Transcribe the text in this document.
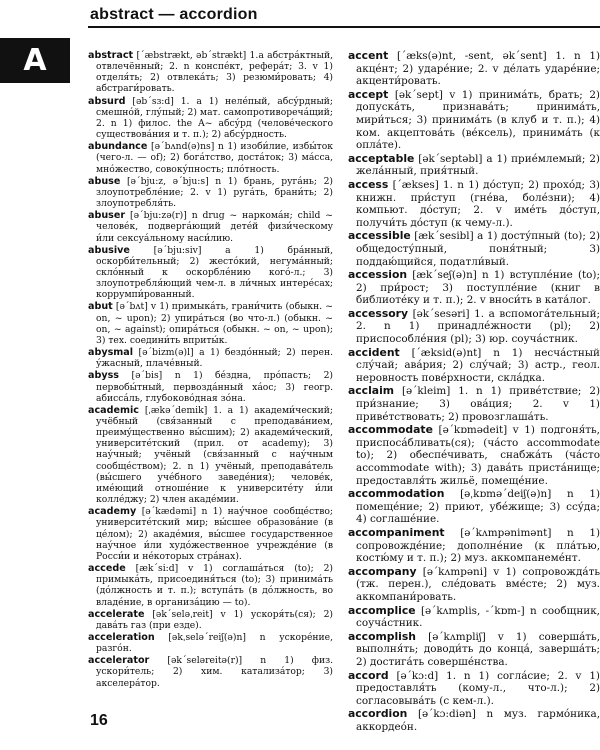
A
abstract — accordion

abstract [´æbstrækt, əb´strækt] 1.a абстрáктный, отвлечённый; 2. n конспéкт, реферáт; 3. v 1) отделя́ть; 2) отвлекáть; 3) резюми́ровать; 4) абстраги́ровать.

absurd [əb´sɜ:d] 1. a 1) нелéпый, абсу́рдный; смешнóй, глу́пый; 2) мат. самопротиворечáщий; 2. n 1) филос. the A~ абсу́рд (человéческого существовáния и т. п.); 2) абсу́рдность.

abundance [ə´bʌnd(ə)ns] n 1) изоби́лие, избы́ток (чего-л. — of); 2) богáтство, достáток; 3) мáсса, мнóжество, совоку́пность; плóтность.

abuse [ə´bju:z, ə´bju:s] n 1) брань, ругáнь; 2) злоупотреблéние; 2. v 1) ругáть, брани́ть; 2) злоупотребля́ть.

abuser [ə´bju:zə(r)] n drug ~ наркомáн; child ~ человéк, подвергáющий детéй физи́ческому и́ли сексуáльному наси́лию.

abusive	[ə´bju:siv] a 1) брáнный, оскорби́тельный; 2) жестóкий, негумáнный; склóнный к оскорблéнию когó-л.; 3) злоупотребля́ющий чем-л. в ли́чных интерéсах; коррумпи́рованный.

abut [ə´bʌt] v 1) примыкáть, грани́чить (обыкн. ~ on, ~ upon); 2) упирáться (во что-л.) (обыкн. ~ on, ~ against); опирáться (обыкн. ~ on, ~ upon); 3) тех. соедини́ть вприты́к.

abysmal [ə´bizm(ə)l] a 1) бездóнный; 2) перен. у́жасный, плачéвный.

abyss [ə´bis] n 1) бéздна, прóпасть; 2) первобы́тный, первозда́нный хáос; 3) геогр. абиссáль, глубоковóдная зóна.

academic [ˌækə´demik] 1. a 1) академи́ческий; учёбный (свя́занный с преподавáнием, преимýщественно вы́сшим); 2) академи́ческий, университéтский (прил. от academy); 3) нау́чный; учёный (свя́занный с нау́чным сообщéством); 2. n 1) учёный, преподавáтель (вы́сшего учéбного заведéния); человéк, имéющий отношéние к университéту и́ли коллéджу; 2) член акадéмии.

academy [ə´kædəmi] n 1) нау́чное сообщéство; университéтский мир; вы́сшее образовáние (в цéлом); 2) акадéмия, вы́сшее государственное нау́чное и́ли худóжественное учреждéние (в Росси́и и нéкоторых стрáнах).

accede [æk´si:d] v 1) соглашáться (to); 2) примыкáть, присоединя́ться (to); 3) принимáть (дóлжность и т. п.); вступáть (в дóлжность, во владéние, в организáцию — to).

accelerate [ək´seləˌreit] v 1) ускоря́ть(ся); 2) давáть газ (при езде).

acceleration [əkˌselə´reiʃ(ə)n] n ускорéние, разгóн.

accelerator [ək´seləreitə(r)] n 1) физ. ускори́тель; 2) хим. катализáтор; 3) акселерáтор.

accent [´æks(ə)nt, -sent, ək´sent] 1. n 1) акцéнт; 2) ударéние; 2. v дéлать ударéние; акценти́ровать.

accept [ək´sept] v 1) принимáть, брать; 2) допускáть, признавáть; принимáть, мири́ться; 3) принимáть (в клуб и т. п.); 4) ком. акцептовáть (вéксель), принимáть (к оплáте).

acceptable [ək´septəbl] a 1) приéмлемый; 2) желáнный, прия́тный.

access [´ækses] 1. n 1) дóступ; 2) прохóд; 3) книжн. при́ступ (гнéва, болéзни); 4) компьют. дóступ; 2. v имéть дóступ, получи́ть дóступ (к чему-л.).

accessible [æk´sesibl] a 1) досту́пный (to); 2) общедосту́пный, поня́тный; 3) поддаю́щийся, податли́вый.

accession [æk´seʃ(ə)n] n 1) вступлéние (to); 2) при́рост; 3) поступлéние (книг в библиотéку и т. п.); 2. v вноси́ть в катáлог.

accessory [ək´sesəri] 1. a вспомогáтельный; 2. n 1) принадлéжности (pl); 2) приспособлéния (pl); 3) юр. соучáстник.

accident [´æksid(ə)nt] n 1) несчáстный слу́чай; авáрия; 2) слу́чай; 3) астр., геол. неровность повéрхности, склáдка.

acclaim [ə´kleim] 1. n 1) привéтствие; 2) при́знание; 3) овáция; 2. v 1) привéтствовать; 2) провозглашáть.

accommodate [ə´kɒmədeit] v 1) подгоня́ть, приспосáбливать(ся); (чáсто accommodate to); 2) обеспéчивать, снабжáть (чáсто accommodate with); 3) давáть пристáнище; предоставля́ть жильё, помещéние.

accommodation [əˌkɒmə´deiʃ(ə)n] n 1) помещéние; 2) приют, убéжище; 3) ссу́да; 4) соглашéние.

accompaniment [ə´kʌmpənimənt] n 1) сопровождéние; дополнéние (к плáтью, костю́му и т. п.); 2) муз. аккомпанемéнт.

accompany [ə´kʌmpəni] v 1) сопровождáть (тж. перен.), слéдовать вмéсте; 2) муз. аккомпани́ровать.

accomplice [ə´kʌmplis, -´kɒm-] n сообщник, соучáстник.

accomplish [ə´kʌmpliʃ] v 1) совершáть, выполня́ть; доводи́ть до концá, завершáть; 2) достигáть совершéнства.

accord [ə´kɔ:d] 1. n 1) соглáсие; 2. v 1) предоставля́ть (кому-л., что-л.); 2) согласовывáть (с кем-л.).

accordion [ə´kɔ:diən] n муз. гармóника, аккордеóн.

16
